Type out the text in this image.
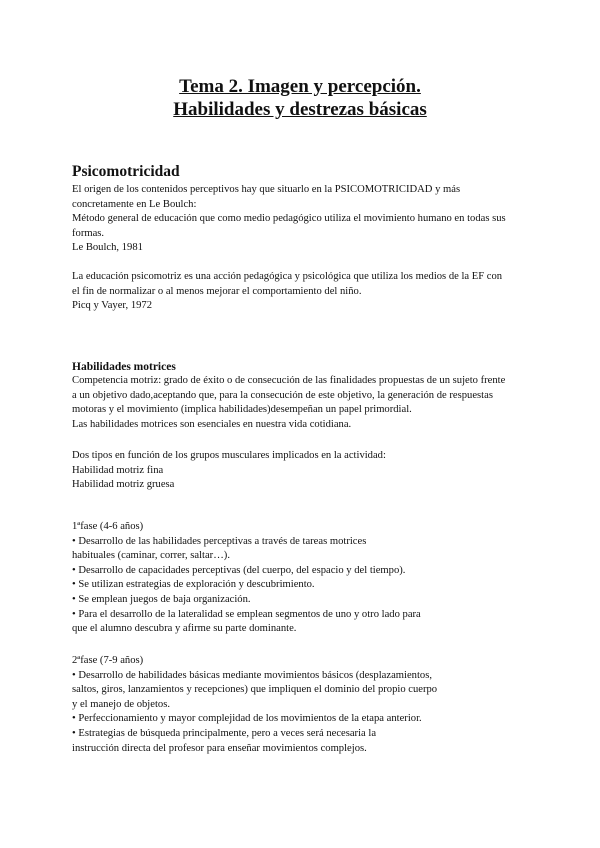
Tema 2. Imagen y percepción.
Habilidades y destrezas básicas
Psicomotricidad
El origen de los contenidos perceptivos hay que situarlo en la PSICOMOTRICIDAD y más
concretamente en Le Boulch:
Método general de educación que como medio pedagógico utiliza el movimiento humano en todas sus
formas.
Le Boulch, 1981
La educación psicomotriz es una acción pedagógica y psicológica que utiliza los medios de la EF con
el fin de normalizar o al menos mejorar el comportamiento del niño.
Picq y Vayer, 1972
Habilidades motrices
Competencia motriz: grado de éxito o de consecución de las finalidades propuestas de un sujeto frente
a un objetivo dado,aceptando que, para la consecución de este objetivo, la generación de respuestas
motoras y el movimiento (implica habilidades)desempeñan un papel primordial.
Las habilidades motrices son esenciales en nuestra vida cotidiana.
Dos tipos en función de los grupos musculares implicados en la actividad:
Habilidad motriz fina
Habilidad motriz gruesa
1ªfase (4-6 años)
• Desarrollo de las habilidades perceptivas a través de tareas motrices
habituales (caminar, correr, saltar…).
• Desarrollo de capacidades perceptivas (del cuerpo, del espacio y del tiempo).
• Se utilizan estrategias de exploración y descubrimiento.
• Se emplean juegos de baja organización.
• Para el desarrollo de la lateralidad se emplean segmentos de uno y otro lado para
que el alumno descubra y afirme su parte dominante.
2ªfase (7-9 años)
• Desarrollo de habilidades básicas mediante movimientos básicos (desplazamientos,
saltos, giros, lanzamientos y recepciones) que impliquen el dominio del propio cuerpo
y el manejo de objetos.
• Perfeccionamiento y mayor complejidad de los movimientos de la etapa anterior.
• Estrategias de búsqueda principalmente, pero a veces será necesaria la
instrucción directa del profesor para enseñar movimientos complejos.
